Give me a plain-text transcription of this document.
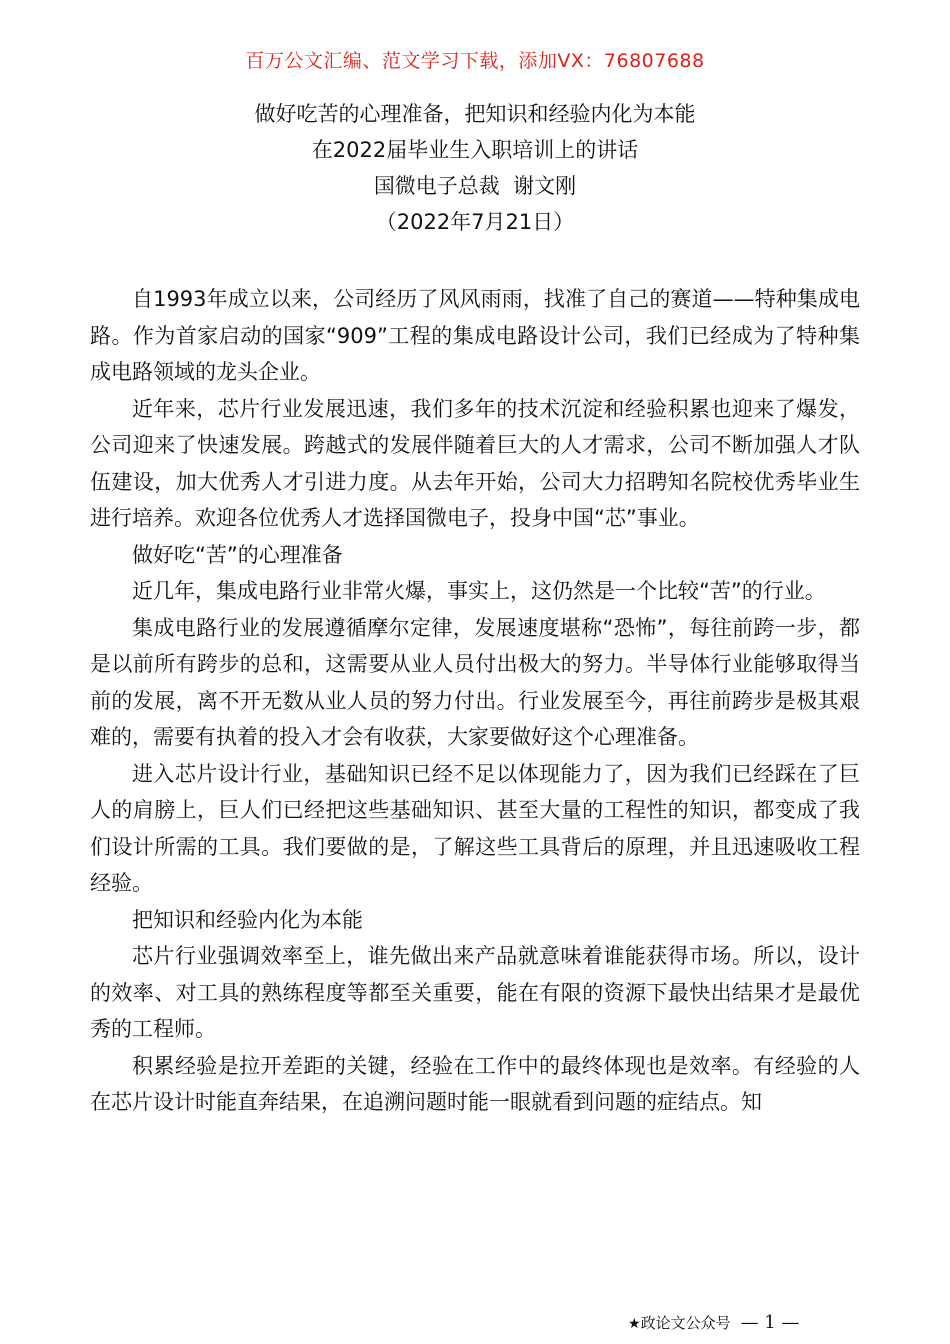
百万公文汇编、范文学习下载，添加VX：76807688
做好吃苦的心理准备，把知识和经验内化为本能
在2022届毕业生入职培训上的讲话
国微电子总裁  谢文刚
（2022年7月21日）

自1993年成立以来，公司经历了风风雨雨，找准了自己的赛道——特种集成电路。作为首家启动的国家“909”工程的集成电路设计公司，我们已经成为了特种集成电路领域的龙头企业。

近年来，芯片行业发展迅速，我们多年的技术沉淀和经验积累也迎来了爆发，公司迎来了快速发展。跨越式的发展伴随着巨大的人才需求，公司不断加强人才队伍建设，加大优秀人才引进力度。从去年开始，公司大力招聘知名院校优秀毕业生进行培养。欢迎各位优秀人才选择国微电子，投身中国“芯”事业。

做好吃“苦”的心理准备

近几年，集成电路行业非常火爆，事实上，这仍然是一个比较“苦”的行业。

集成电路行业的发展遵循摩尔定律，发展速度堪称“恐怖”，每往前跨一步，都是以前所有跨步的总和，这需要从业人员付出极大的努力。半导体行业能够取得当前的发展，离不开无数从业人员的努力付出。行业发展至今，再往前跨步是极其艰难的，需要有执着的投入才会有收获，大家要做好这个心理准备。

进入芯片设计行业，基础知识已经不足以体现能力了，因为我们已经踩在了巨人的肩膀上，巨人们已经把这些基础知识、甚至大量的工程性的知识，都变成了我们设计所需的工具。我们要做的是，了解这些工具背后的原理，并且迅速吸收工程经验。

把知识和经验内化为本能

芯片行业强调效率至上，谁先做出来产品就意味着谁能获得市场。所以，设计的效率、对工具的熟练程度等都至关重要，能在有限的资源下最快出结果才是最优秀的工程师。

积累经验是拉开差距的关键，经验在工作中的最终体现也是效率。有经验的人在芯片设计时能直奔结果，在追溯问题时能一眼就看到问题的症结点。知

★政论文公众号 — 1 —
